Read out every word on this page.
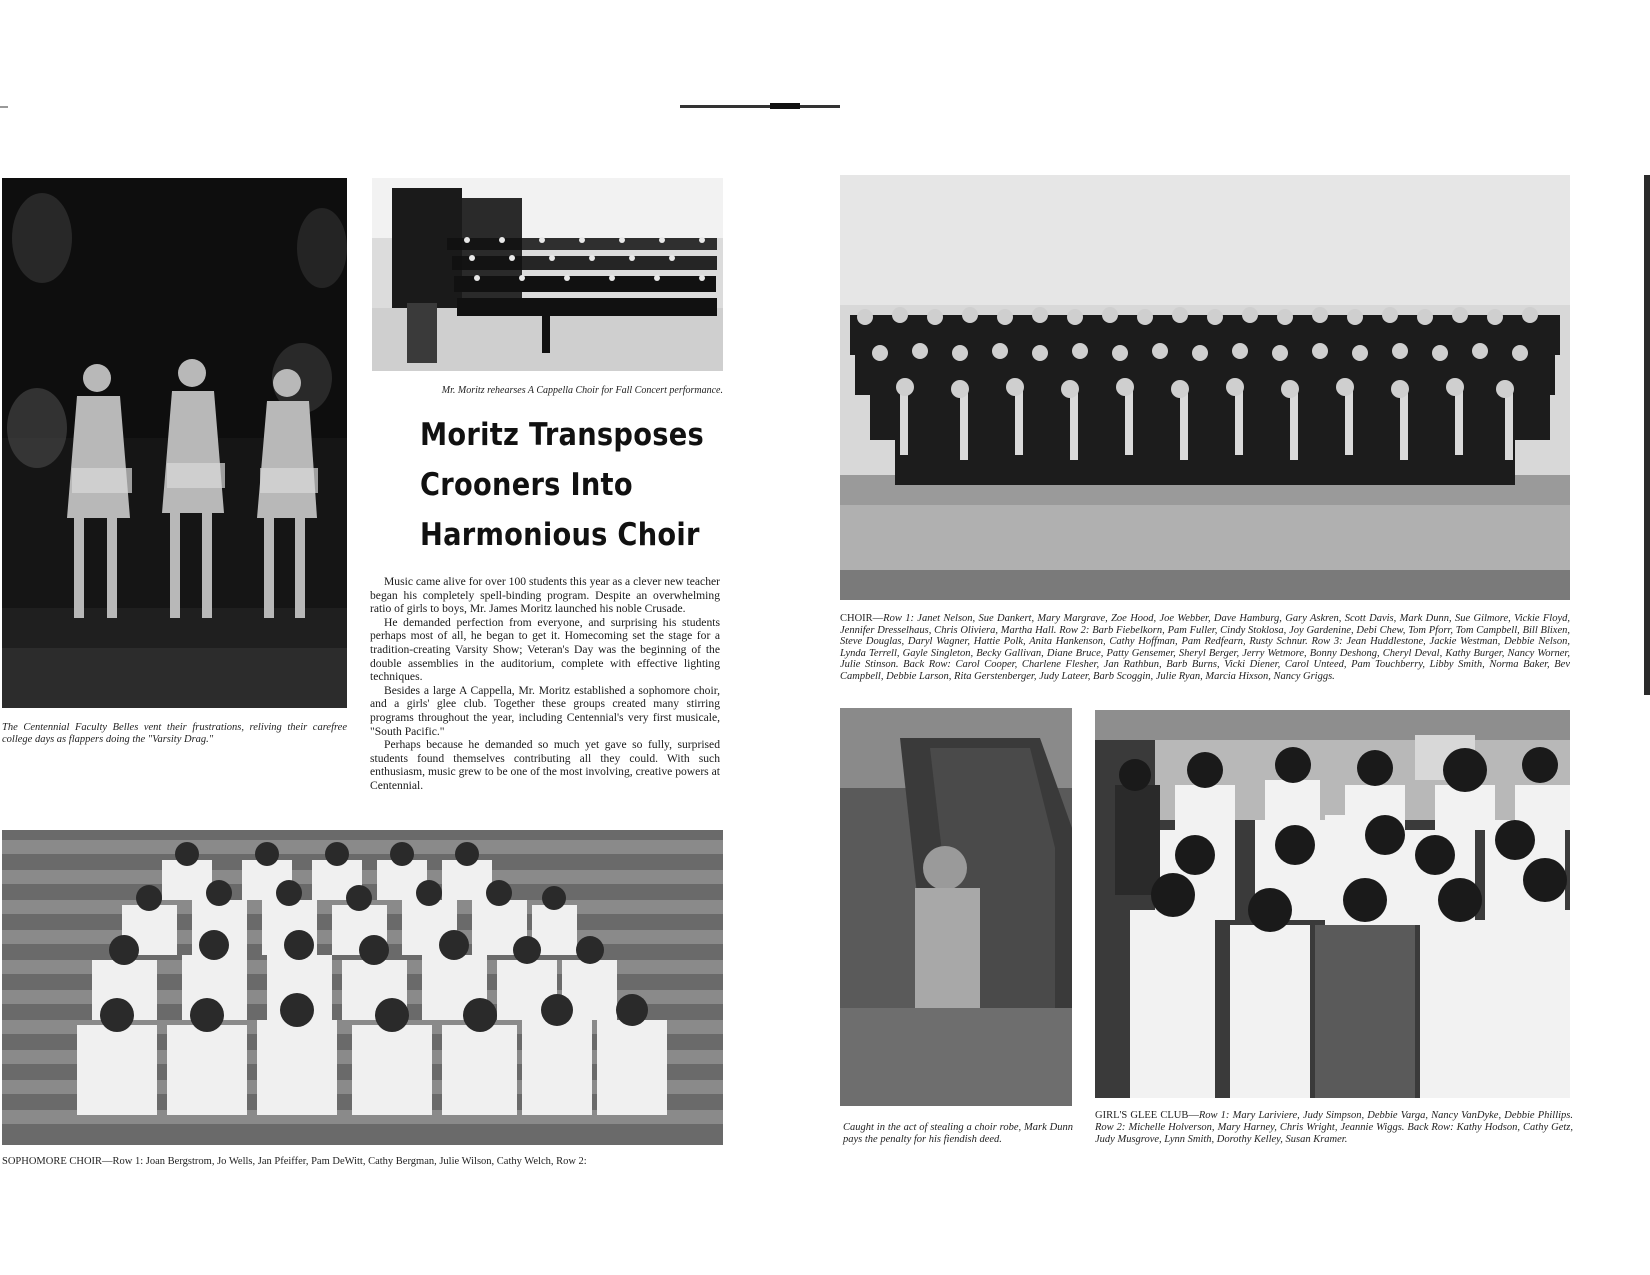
The Centennial Faculty Belles vent their frustrations, reliving their carefree college days as flappers doing the "Varsity Drag."
Mr. Moritz rehearses A Cappella Choir for Fall Concert performance.
Moritz Transposes
Crooners Into
Harmonious Choir

Music came alive for over 100 students this year as a clever new teacher began his completely spell-binding program. Despite an overwhelming ratio of girls to boys, Mr. James Moritz launched his noble Crusade.

He demanded perfection from everyone, and surprising his students perhaps most of all, he began to get it. Homecoming set the stage for a tradition-creating Varsity Show; Veteran's Day was the beginning of the double assemblies in the auditorium, complete with effective lighting techniques.

Besides a large A Cappella, Mr. Moritz established a sophomore choir, and a girls' glee club. Together these groups created many stirring programs throughout the year, including Centennial's very first musicale, "South Pacific."

Perhaps because he demanded so much yet gave so fully, surprised students found themselves contributing all they could. With such enthusiasm, music grew to be one of the most involving, creative powers at Centennial.

SOPHOMORE CHOIR—Row 1: Joan Bergstrom, Jo Wells, Jan Pfeiffer, Pam DeWitt, Cathy Bergman, Julie Wilson, Cathy Welch, Row 2:
CHOIR—Row 1: Janet Nelson, Sue Dankert, Mary Margrave, Zoe Hood, Joe Webber, Dave Hamburg, Gary Askren, Scott Davis, Mark Dunn, Sue Gilmore, Vickie Floyd, Jennifer Dresselhaus, Chris Oliviera, Martha Hall. Row 2: Barb Fiebelkorn, Pam Fuller, Cindy Stoklosa, Joy Gardenine, Debi Chew, Tom Pforr, Tom Campbell, Bill Blixen, Steve Douglas, Daryl Wagner, Hattie Polk, Anita Hankenson, Cathy Hoffman, Pam Redfearn, Rusty Schnur. Row 3: Jean Huddlestone, Jackie Westman, Debbie Nelson, Lynda Terrell, Gayle Singleton, Becky Gallivan, Diane Bruce, Patty Gensemer, Sheryl Berger, Jerry Wetmore, Bonny Deshong, Cheryl Deval, Kathy Burger, Nancy Worner, Julie Stinson. Back Row: Carol Cooper, Charlene Flesher, Jan Rathbun, Barb Burns, Vicki Diener, Carol Unteed, Pam Touchberry, Libby Smith, Norma Baker, Bev Campbell, Debbie Larson, Rita Gerstenberger, Judy Lateer, Barb Scoggin, Julie Ryan, Marcia Hixson, Nancy Griggs.
Caught in the act of stealing a choir robe, Mark Dunn pays the penalty for his fiendish deed.
GIRL'S GLEE CLUB—Row 1: Mary Lariviere, Judy Simpson, Debbie Varga, Nancy VanDyke, Debbie Phillips. Row 2: Michelle Holverson, Mary Harney, Chris Wright, Jeannie Wiggs. Back Row: Kathy Hodson, Cathy Getz, Judy Musgrove, Lynn Smith, Dorothy Kelley, Susan Kramer.
